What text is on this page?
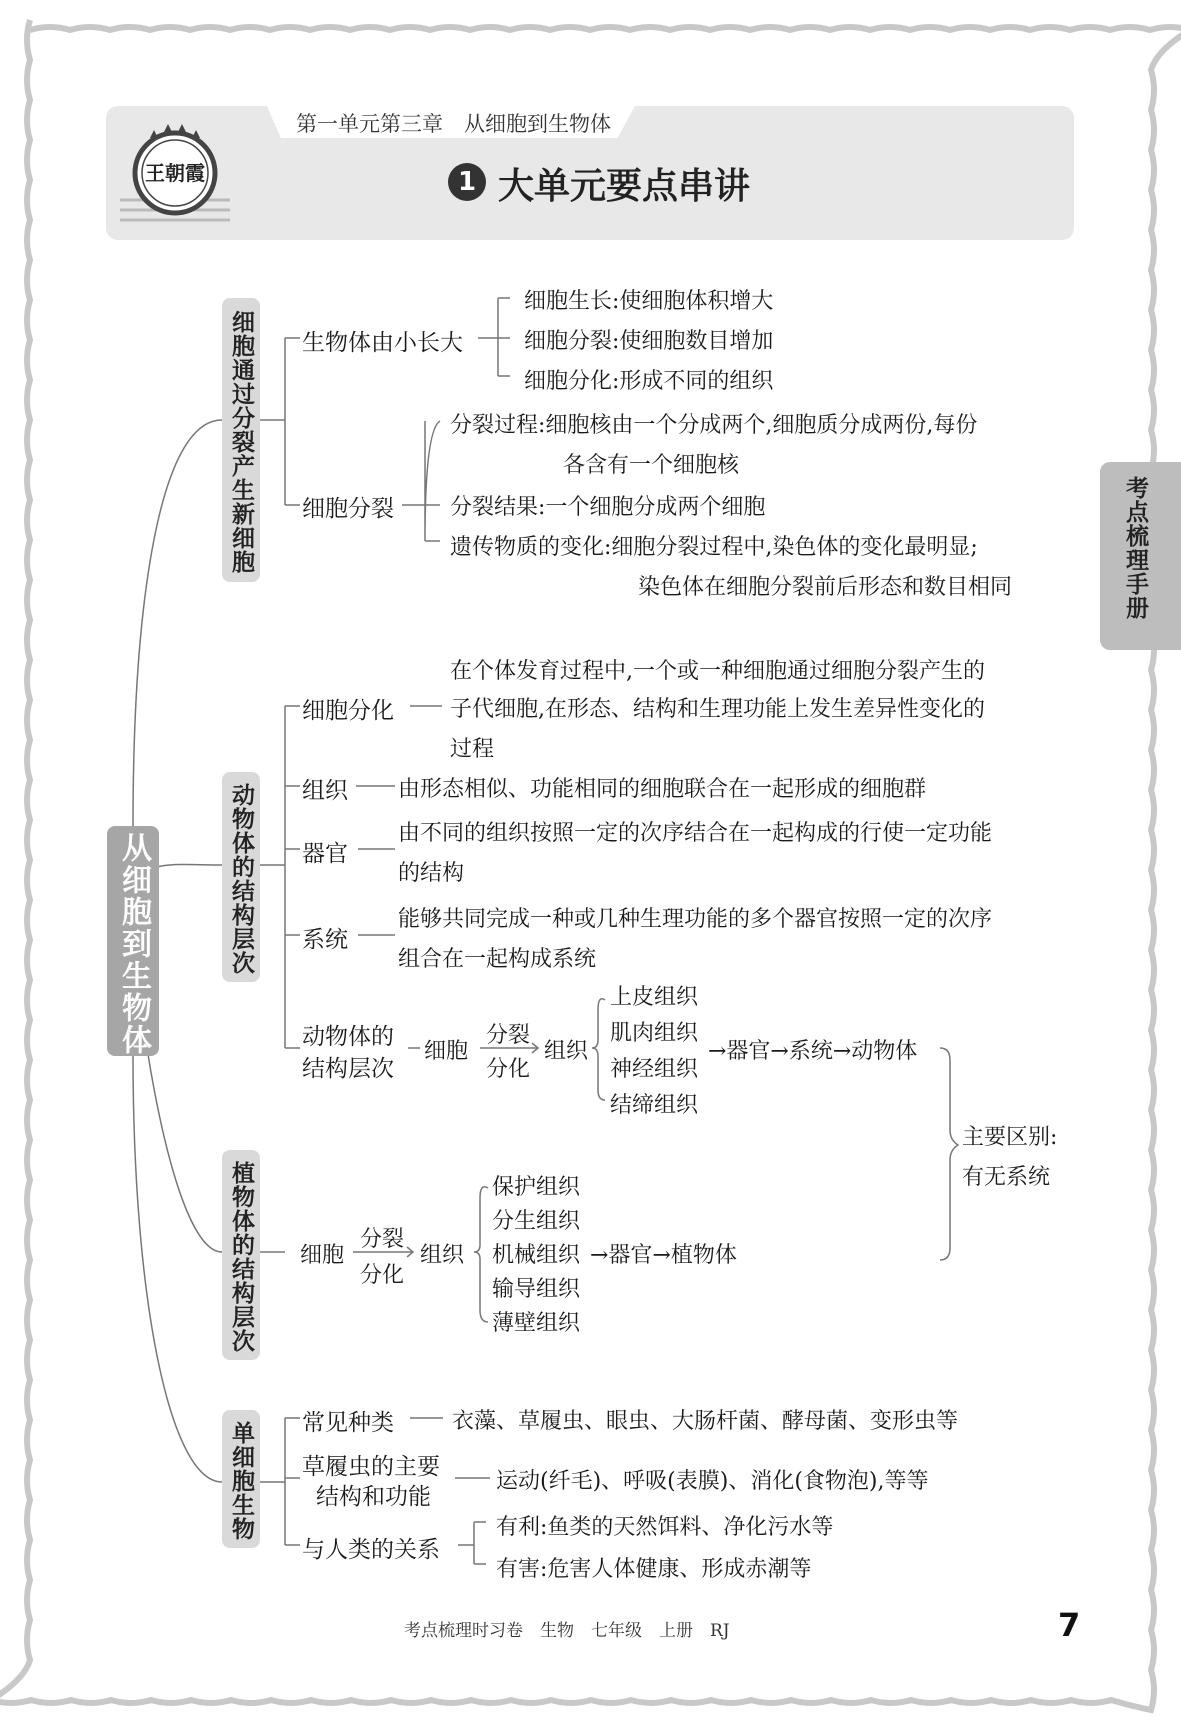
第一单元第三章　从细胞到生物体
1 大单元要点串讲
王朝霞
考点梳理手册
从细胞到生物体
细胞通过分裂产生新细胞
动物体的结构层次
植物体的结构层次
单细胞生物
生物体由小长大
细胞生长:使细胞体积增大
细胞分裂:使细胞数目增加
细胞分化:形成不同的组织
细胞分裂
分裂过程:细胞核由一个分成两个,细胞质分成两份,每份
各含有一个细胞核
分裂结果:一个细胞分成两个细胞
遗传物质的变化:细胞分裂过程中,染色体的变化最明显;
染色体在细胞分裂前后形态和数目相同
在个体发育过程中,一个或一种细胞通过细胞分裂产生的
细胞分化	子代细胞,在形态、结构和生理功能上发生差异性变化的
过程
组织 由形态相似、功能相同的细胞联合在一起形成的细胞群
器官
由不同的组织按照一定的次序结合在一起构成的行使一定功能
的结构
系统
能够共同完成一种或几种生理功能的多个器官按照一定的次序
组合在一起构成系统
动物体的
结构层次
细胞
分裂
分化
组织
上皮组织
肌肉组织
神经组织
结缔组织
→器官→系统→动物体
主要区别:
有无系统
细胞
分裂
分化
组织
保护组织
分生组织
机械组织
输导组织
薄壁组织
→器官→植物体
常见种类	衣藻、草履虫、眼虫、大肠杆菌、酵母菌、变形虫等
草履虫的主要
结构和功能
运动(纤毛)、呼吸(表膜)、消化(食物泡),等等
与人类的关系
有利:鱼类的天然饵料、净化污水等
有害:危害人体健康、形成赤潮等
考点梳理时习卷　生物　七年级　上册　RJ	7
